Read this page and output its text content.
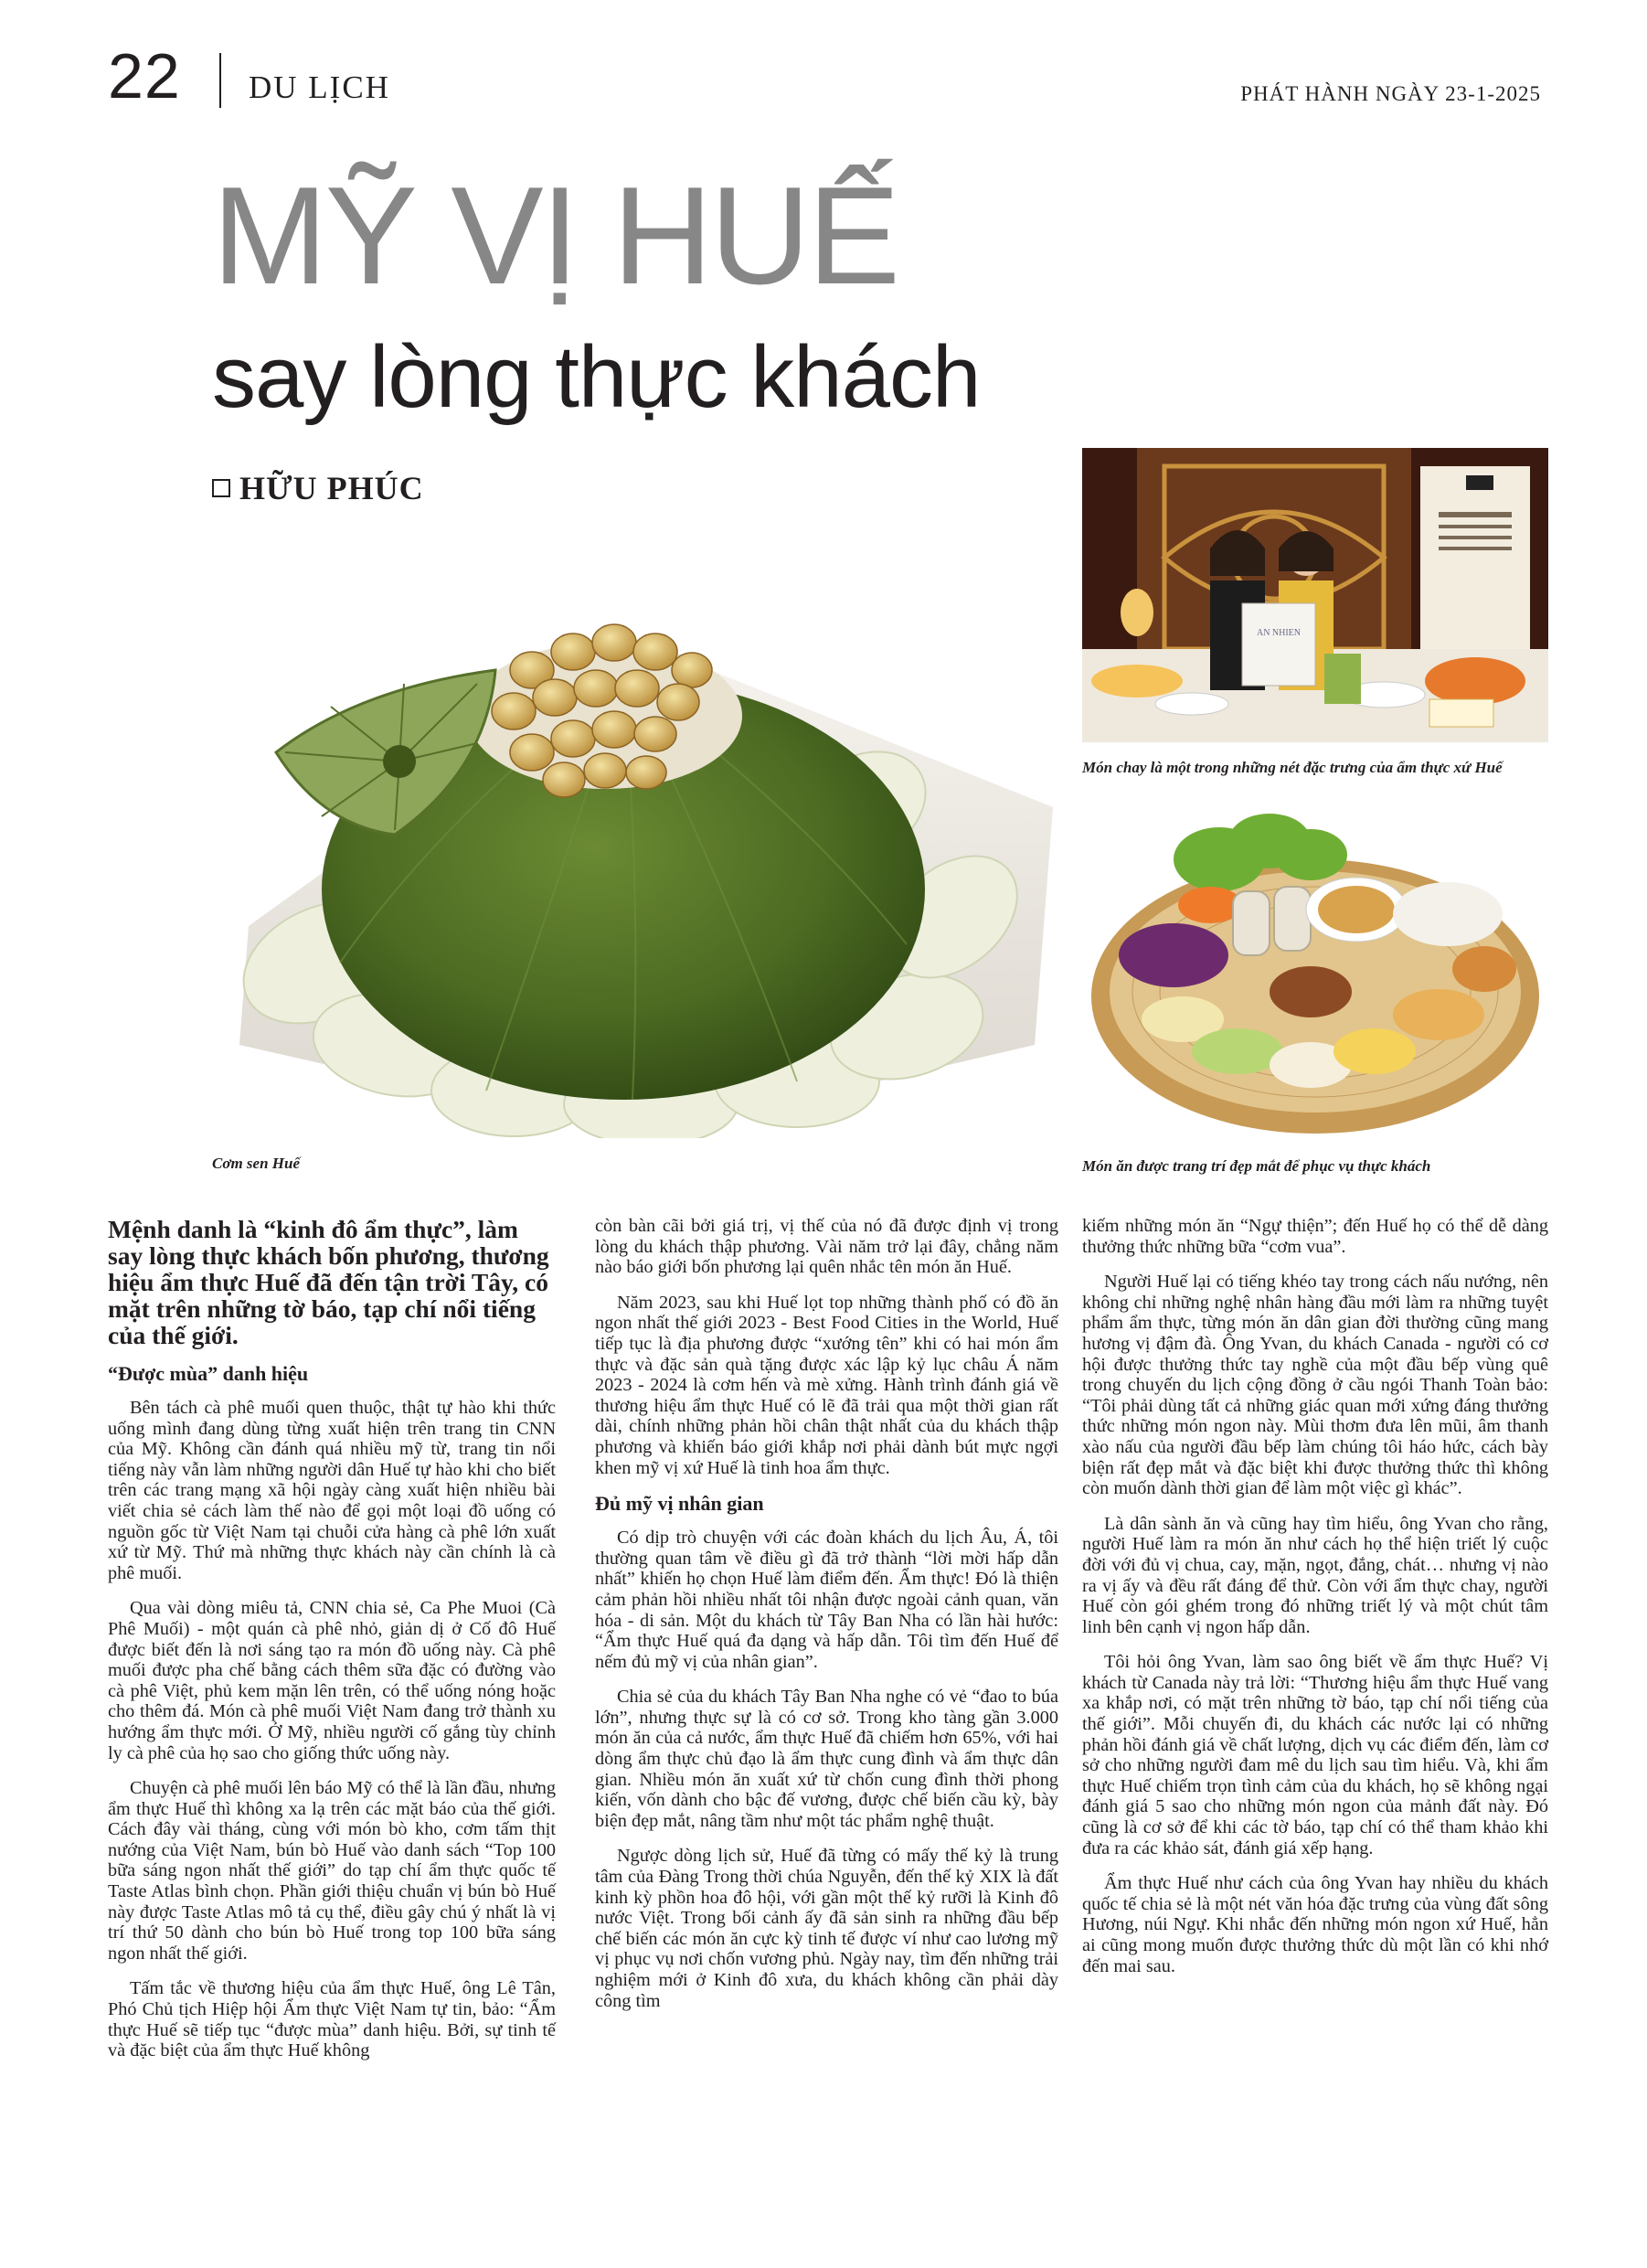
22 DU LỊCH	PHÁT HÀNH NGÀY 23-1-2025
MỸ VỊ HUẾ
say lòng thực khách
HỮU PHÚC
Cơm sen Huế
AN NHIEN
Món chay là một trong những nét đặc trưng của ẩm thực xứ Huế
Món ăn được trang trí đẹp mắt để phục vụ thực khách

Mệnh danh là “kinh đô ẩm thực”, làm say lòng thực khách bốn phương, thương hiệu ẩm thực Huế đã đến tận trời Tây, có mặt trên những tờ báo, tạp chí nổi tiếng của thế giới.

“Được mùa” danh hiệu

Bên tách cà phê muối quen thuộc, thật tự hào khi thức uống mình đang dùng từng xuất hiện trên trang tin CNN của Mỹ. Không cần đánh quá nhiều mỹ từ, trang tin nổi tiếng này vẫn làm những người dân Huế tự hào khi cho biết trên các trang mạng xã hội ngày càng xuất hiện nhiều bài viết chia sẻ cách làm thế nào để gọi một loại đồ uống có nguồn gốc từ Việt Nam tại chuỗi cửa hàng cà phê lớn xuất xứ từ Mỹ. Thứ mà những thực khách này cần chính là cà phê muối.

Qua vài dòng miêu tả, CNN chia sẻ, Ca Phe Muoi (Cà Phê Muối) - một quán cà phê nhỏ, giản dị ở Cố đô Huế được biết đến là nơi sáng tạo ra món đồ uống này. Cà phê muối được pha chế bằng cách thêm sữa đặc có đường vào cà phê Việt, phủ kem mặn lên trên, có thể uống nóng hoặc cho thêm đá. Món cà phê muối Việt Nam đang trở thành xu hướng ẩm thực mới. Ở Mỹ, nhiều người cố gắng tùy chỉnh ly cà phê của họ sao cho giống thức uống này.

Chuyện cà phê muối lên báo Mỹ có thể là lần đầu, nhưng ẩm thực Huế thì không xa lạ trên các mặt báo của thế giới. Cách đây vài tháng, cùng với món bò kho, cơm tấm thịt nướng của Việt Nam, bún bò Huế vào danh sách “Top 100 bữa sáng ngon nhất thế giới” do tạp chí ẩm thực quốc tế Taste Atlas bình chọn. Phần giới thiệu chuẩn vị bún bò Huế này được Taste Atlas mô tả cụ thể, điều gây chú ý nhất là vị trí thứ 50 dành cho bún bò Huế trong top 100 bữa sáng ngon nhất thế giới.

Tấm tắc về thương hiệu của ẩm thực Huế, ông Lê Tân, Phó Chủ tịch Hiệp hội Ẩm thực Việt Nam tự tin, bảo: “Ẩm thực Huế sẽ tiếp tục “được mùa” danh hiệu. Bởi, sự tinh tế và đặc biệt của ẩm thực Huế không

còn bàn cãi bởi giá trị, vị thế của nó đã được định vị trong lòng du khách thập phương. Vài năm trở lại đây, chẳng năm nào báo giới bốn phương lại quên nhắc tên món ăn Huế.

Năm 2023, sau khi Huế lọt top những thành phố có đồ ăn ngon nhất thế giới 2023 - Best Food Cities in the World, Huế tiếp tục là địa phương được “xướng tên” khi có hai món ẩm thực và đặc sản quà tặng được xác lập kỷ lục châu Á năm 2023 - 2024 là cơm hến và mè xửng. Hành trình đánh giá về thương hiệu ẩm thực Huế có lẽ đã trải qua một thời gian rất dài, chính những phản hồi chân thật nhất của du khách thập phương và khiến báo giới khắp nơi phải dành bút mực ngợi khen mỹ vị xứ Huế là tinh hoa ẩm thực.

Đủ mỹ vị nhân gian

Có dịp trò chuyện với các đoàn khách du lịch Âu, Á, tôi thường quan tâm về điều gì đã trở thành “lời mời hấp dẫn nhất” khiến họ chọn Huế làm điểm đến. Ẩm thực! Đó là thiện cảm phản hồi nhiều nhất tôi nhận được ngoài cảnh quan, văn hóa - di sản. Một du khách từ Tây Ban Nha có lần hài hước: “Ẩm thực Huế quá đa dạng và hấp dẫn. Tôi tìm đến Huế để nếm đủ mỹ vị của nhân gian”.

Chia sẻ của du khách Tây Ban Nha nghe có vẻ “đao to búa lớn”, nhưng thực sự là có cơ sở. Trong kho tàng gần 3.000 món ăn của cả nước, ẩm thực Huế đã chiếm hơn 65%, với hai dòng ẩm thực chủ đạo là ẩm thực cung đình và ẩm thực dân gian. Nhiều món ăn xuất xứ từ chốn cung đình thời phong kiến, vốn dành cho bậc đế vương, được chế biến cầu kỳ, bày biện đẹp mắt, nâng tầm như một tác phẩm nghệ thuật.

Ngược dòng lịch sử, Huế đã từng có mấy thế kỷ là trung tâm của Đàng Trong thời chúa Nguyễn, đến thế kỷ XIX là đất kinh kỳ phồn hoa đô hội, với gần một thế kỷ rưỡi là Kinh đô nước Việt. Trong bối cảnh ấy đã sản sinh ra những đầu bếp chế biến các món ăn cực kỳ tinh tế được ví như cao lương mỹ vị phục vụ nơi chốn vương phủ. Ngày nay, tìm đến những trải nghiệm mới ở Kinh đô xưa, du khách không cần phải dày công tìm

kiếm những món ăn “Ngự thiện”; đến Huế họ có thể dễ dàng thưởng thức những bữa “cơm vua”.

Người Huế lại có tiếng khéo tay trong cách nấu nướng, nên không chỉ những nghệ nhân hàng đầu mới làm ra những tuyệt phẩm ẩm thực, từng món ăn dân gian đời thường cũng mang hương vị đậm đà. Ông Yvan, du khách Canada - người có cơ hội được thưởng thức tay nghề của một đầu bếp vùng quê trong chuyến du lịch cộng đồng ở cầu ngói Thanh Toàn bảo: “Tôi phải dùng tất cả những giác quan mới xứng đáng thưởng thức những món ngon này. Mùi thơm đưa lên mũi, âm thanh xào nấu của người đầu bếp làm chúng tôi háo hức, cách bày biện rất đẹp mắt và đặc biệt khi được thưởng thức thì không còn muốn dành thời gian để làm một việc gì khác”.

Là dân sành ăn và cũng hay tìm hiểu, ông Yvan cho rằng, người Huế làm ra món ăn như cách họ thể hiện triết lý cuộc đời với đủ vị chua, cay, mặn, ngọt, đắng, chát… nhưng vị nào ra vị ấy và đều rất đáng để thử. Còn với ẩm thực chay, người Huế còn gói ghém trong đó những triết lý và một chút tâm linh bên cạnh vị ngon hấp dẫn.

Tôi hỏi ông Yvan, làm sao ông biết về ẩm thực Huế? Vị khách từ Canada này trả lời: “Thương hiệu ẩm thực Huế vang xa khắp nơi, có mặt trên những tờ báo, tạp chí nổi tiếng của thế giới”. Mỗi chuyến đi, du khách các nước lại có những phản hồi đánh giá về chất lượng, dịch vụ các điểm đến, làm cơ sở cho những người đam mê du lịch sau tìm hiểu. Và, khi ẩm thực Huế chiếm trọn tình cảm của du khách, họ sẽ không ngại đánh giá 5 sao cho những món ngon của mảnh đất này. Đó cũng là cơ sở để khi các tờ báo, tạp chí có thể tham khảo khi đưa ra các khảo sát, đánh giá xếp hạng.

Ẩm thực Huế như cách của ông Yvan hay nhiều du khách quốc tế chia sẻ là một nét văn hóa đặc trưng của vùng đất sông Hương, núi Ngự. Khi nhắc đến những món ngon xứ Huế, hẳn ai cũng mong muốn được thưởng thức dù một lần có khi nhớ đến mai sau.
